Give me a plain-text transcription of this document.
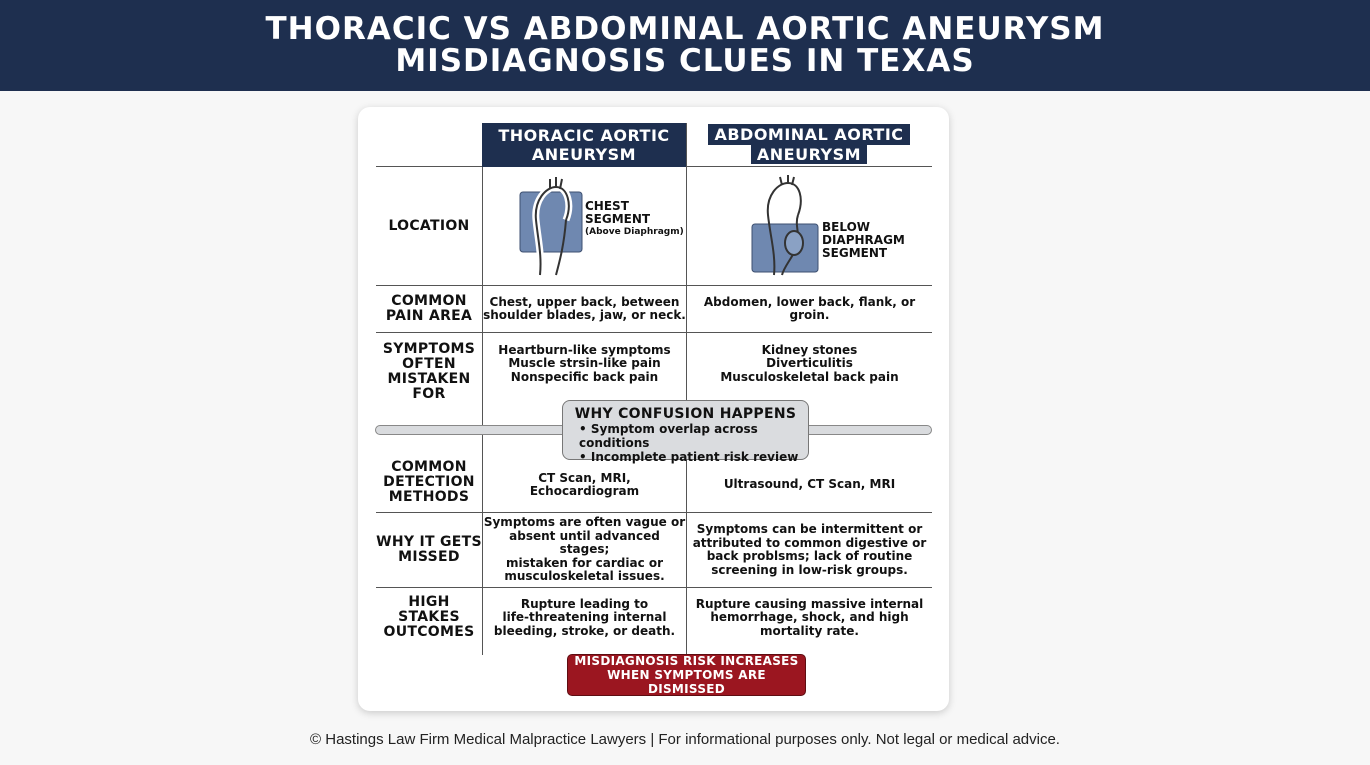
THORACIC VS ABDOMINAL AORTIC ANEURYSM
MISDIAGNOSIS CLUES IN TEXAS
THORACIC AORTIC
ANEURYSM
ABDOMINAL AORTIC
ANEURYSM
LOCATION
CHEST
SEGMENT
(Above Diaphragm)	BELOW
DIAPHRAGM
SEGMENT
COMMON
PAIN AREA
Chest, upper back, between
shoulder blades, jaw, or neck.
Abdomen, lower back, flank, or groin.
SYMPTOMS
OFTEN
MISTAKEN
FOR
Heartburn-like symptoms
Muscle strsin-like pain
Nonspecific back pain
Kidney stones
Diverticulitis
Musculoskeletal back pain
WHY CONFUSION HAPPENS
• Symptom overlap across conditions
• Incomplete patient risk review
COMMON
DETECTION
METHODS
CT Scan, MRI,
Echocardiogram	Ultrasound, CT Scan, MRI
WHY IT GETS
MISSED
Symptoms are often vague or
absent until advanced stages;
mistaken for cardiac or
musculoskeletal issues.
Symptoms can be intermittent or
attributed to common digestive or
back problsms; lack of routine
screening in low-risk groups.
HIGH STAKES
OUTCOMES
Rupture leading to
life-threatening internal
bleeding, stroke, or death.
Rupture causing massive internal
hemorrhage, shock, and high
mortality rate.
MISDIAGNOSIS RISK INCREASES
WHEN SYMPTOMS ARE DISMISSED
© Hastings Law Firm Medical Malpractice Lawyers | For informational purposes only. Not legal or medical advice.
